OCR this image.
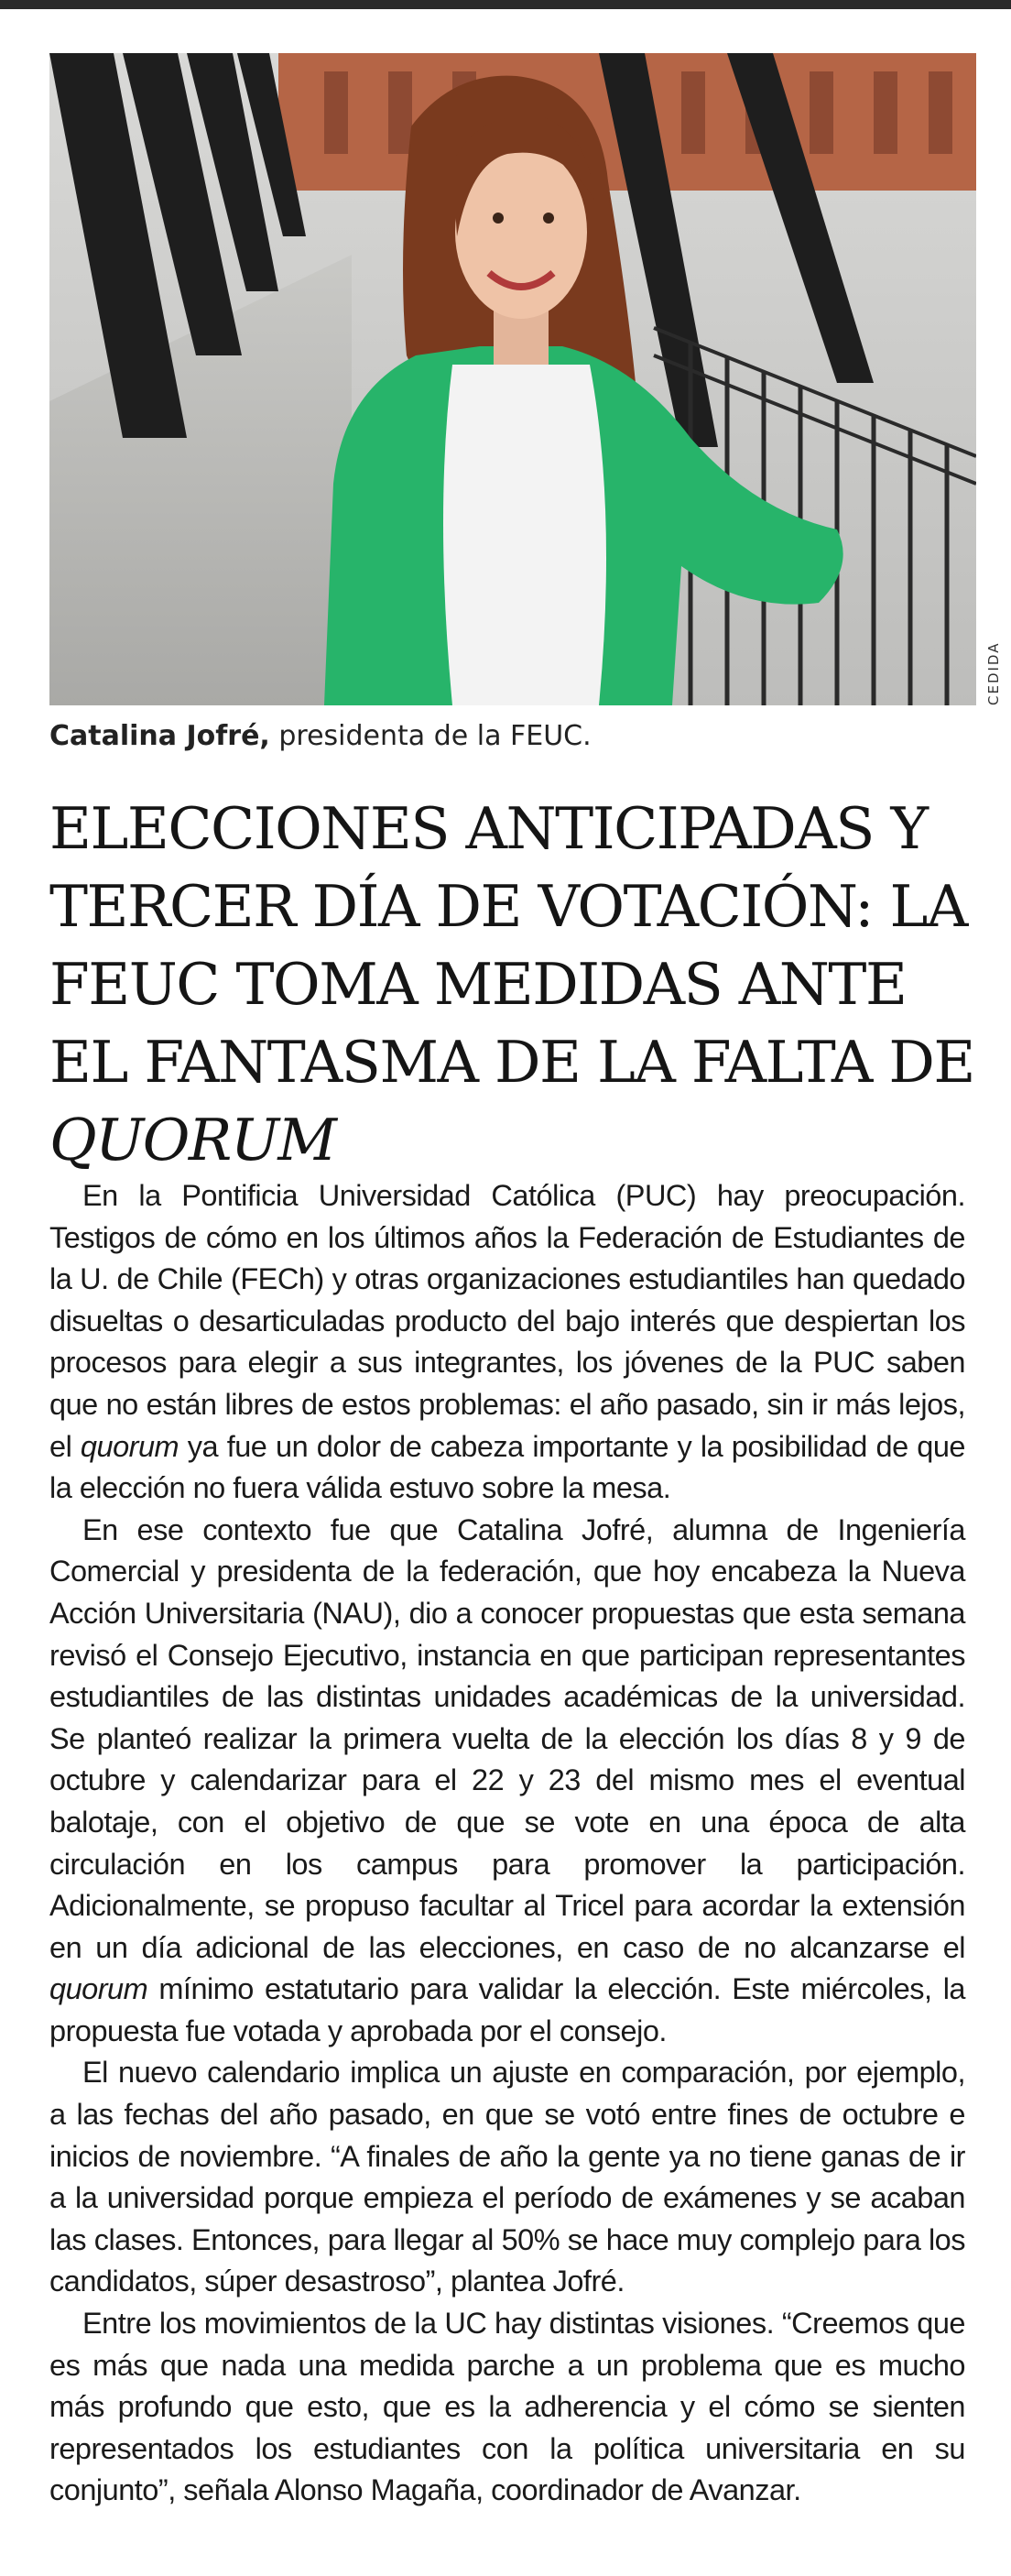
CEDIDA
Catalina Jofré, presidenta de la FEUC.
ELECCIONES ANTICIPADAS Y TERCER DÍA DE VOTACIÓN: LA FEUC TOMA MEDIDAS ANTE EL FANTASMA DE LA FALTA DE QUORUM

En la Pontificia Universidad Católica (PUC) hay preocupación. Testigos de cómo en los últimos años la Federación de Estudiantes de la U. de Chile (FECh) y otras organizaciones estudiantiles han quedado disueltas o desarticuladas producto del bajo interés que despiertan los procesos para elegir a sus integrantes, los jóvenes de la PUC saben que no están libres de estos problemas: el año pasado, sin ir más lejos, el quorum ya fue un dolor de cabeza importante y la posibilidad de que la elección no fuera válida estuvo sobre la mesa.

En ese contexto fue que Catalina Jofré, alumna de Ingeniería Comercial y presidenta de la federación, que hoy encabeza la Nueva Acción Universitaria (NAU), dio a conocer propuestas que esta semana revisó el Consejo Ejecutivo, instancia en que participan representantes estudiantiles de las distintas unidades académicas de la universidad. Se planteó realizar la primera vuelta de la elección los días 8 y 9 de octubre y calendarizar para el 22 y 23 del mismo mes el eventual balotaje, con el objetivo de que se vote en una época de alta circulación en los campus para promover la participación. Adicionalmente, se propuso facultar al Tricel para acordar la extensión en un día adicional de las elecciones, en caso de no alcanzarse el quorum mínimo estatutario para validar la elección. Este miércoles, la propuesta fue votada y aprobada por el consejo.

El nuevo calendario implica un ajuste en comparación, por ejemplo, a las fechas del año pasado, en que se votó entre fines de octubre e inicios de noviembre. “A finales de año la gente ya no tiene ganas de ir a la universidad porque empieza el período de exámenes y se acaban las clases. Entonces, para llegar al 50% se hace muy complejo para los candidatos, súper desastroso”, plantea Jofré.

Entre los movimientos de la UC hay distintas visiones. “Creemos que es más que nada una medida parche a un problema que es mucho más profundo que esto, que es la adherencia y el cómo se sienten representados los estudiantes con la política universitaria en su conjunto”, señala Alonso Magaña, coordinador de Avanzar.
